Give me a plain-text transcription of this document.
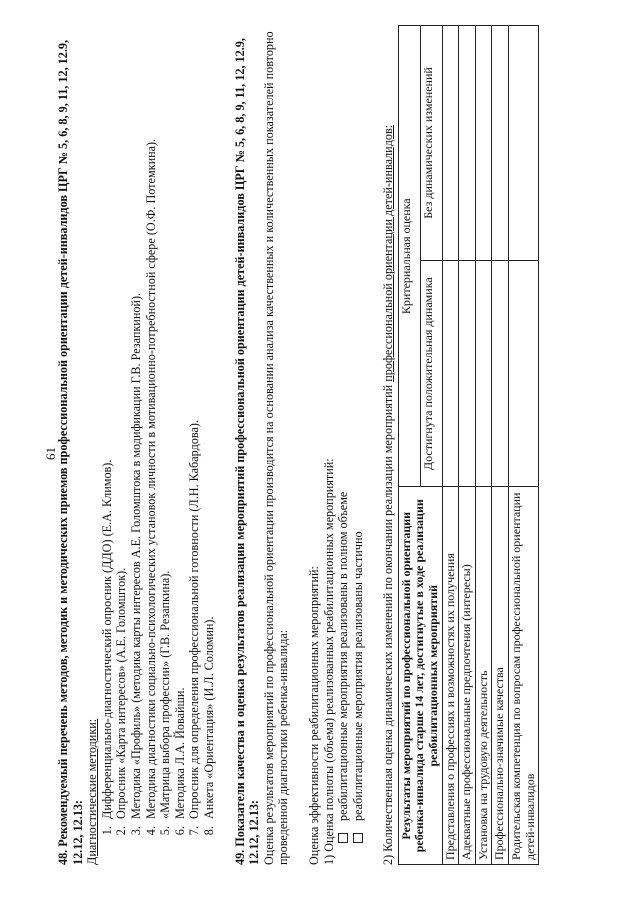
61

48. Рекомендуемый перечень методов, методик и методических приемов профессиональной ориентации детей-инвалидов ЦРГ № 5, 6, 8, 9, 11, 12, 12.9, 12.12, 12.13: Диагностические методики: 1. Дифференциально-диагностический опросник (ДДО) (Е.А. Климов). 2. Опросник «Карта интересов» (А.Е. Голомшток). 3. Методика «Профиль» (методика карты интересов А.Е. Голомштока в модификации Г.В. Резапкиной). 4. Методика диагностики социально-психологических установок личности в мотивационно-потребностной сфере (О.Ф. Потемкина). 5. «Матрица выбора профессии» (Г.В. Резапкина). 6. Методика Л.А. Йовайши. 7. Опросник для определения профессиональной готовности (Л.Н. Кабардова). 8. Анкета «Ориентация» (И.Л. Соломин). 49. Показатели качества и оценка результатов реализации мероприятий профессиональной ориентации детей-инвалидов ЦРГ № 5, 6, 8, 9, 11, 12, 12.9, 12.12, 12.13: Оценка результатов мероприятий по профессиональной ориентации производится на основании анализа качественных и количественных показателей повторно проведенной диагностики ребенка-инвалида: Оценка эффективности реабилитационных мероприятий: 1) Оценка полноты (объема) реализованных реабилитационных мероприятий: реабилитационные мероприятия реализованы в полном объеме реабилитационные мероприятия реализованы частично 2) Количественная оценка динамических изменений по окончании реализации мероприятий профессиональной ориентации детей-инвалидов:
Результаты мероприятий по профессиональной ориентации ребенка-инвалида старше 14 лет, достигнутые в ходе реализации реабилитационных мероприятий	Критериальная оценка	
	Достигнута положительная динамика	Без динамических изменений
Представления о профессиях и возможностях их получения		
Адекватные профессиональные предпочтения (интересы)		
Установка на трудовую деятельность		
Профессионально-значимые качества		
Родительская компетенция по вопросам профессиональной ориентации детей-инвалидов		
